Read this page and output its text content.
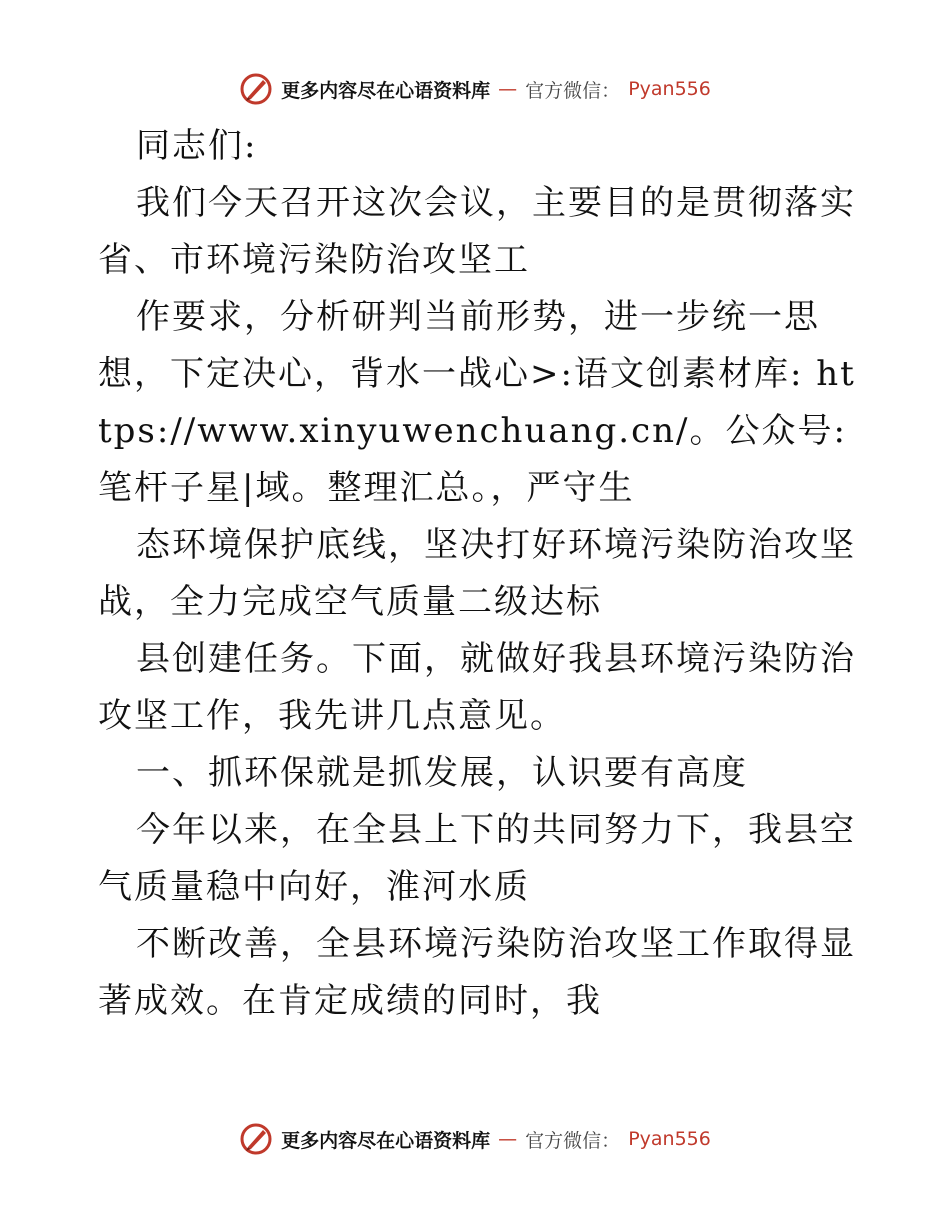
更多内容尽在心语资料库 — 官方微信： Pyan556

同志们:

我们今天召开这次会议，主要目的是贯彻落实省、市环境污染防治攻坚工

作要求，分析研判当前形势，进一步统一思想，下定决心，背水一战心>:语文创素材库: https://www.xinyuwenchuang.cn/。公众号: 笔杆子星|域。整理汇总。，严守生

态环境保护底线，坚决打好环境污染防治攻坚战，全力完成空气质量二级达标

县创建任务。下面，就做好我县环境污染防治攻坚工作，我先讲几点意见。

一、抓环保就是抓发展，认识要有高度

今年以来，在全县上下的共同努力下，我县空气质量稳中向好，淮河水质

不断改善，全县环境污染防治攻坚工作取得显著成效。在肯定成绩的同时，我

更多内容尽在心语资料库 — 官方微信： Pyan556
